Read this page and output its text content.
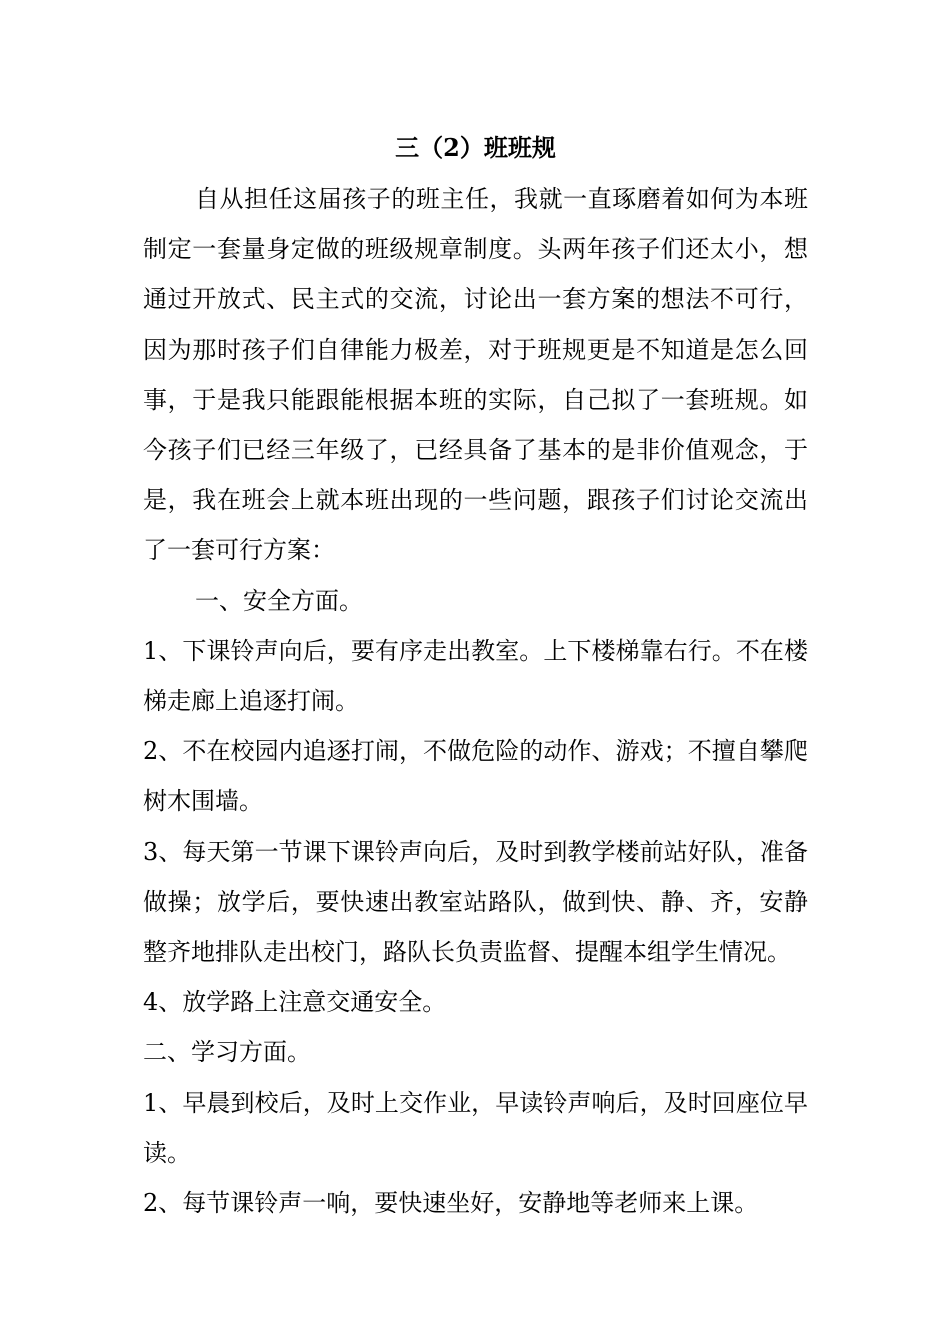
三（2）班班规

自从担任这届孩子的班主任，我就一直琢磨着如何为本班制定一套量身定做的班级规章制度。头两年孩子们还太小，想通过开放式、民主式的交流，讨论出一套方案的想法不可行，因为那时孩子们自律能力极差，对于班规更是不知道是怎么回事，于是我只能跟能根据本班的实际，自己拟了一套班规。如今孩子们已经三年级了，已经具备了基本的是非价值观念，于是，我在班会上就本班出现的一些问题，跟孩子们讨论交流出了一套可行方案：

一、安全方面。

1、下课铃声向后，要有序走出教室。上下楼梯靠右行。不在楼梯走廊上追逐打闹。

2、不在校园内追逐打闹，不做危险的动作、游戏；不擅自攀爬树木围墙。

3、每天第一节课下课铃声向后，及时到教学楼前站好队，准备做操；放学后，要快速出教室站路队，做到快、静、齐，安静整齐地排队走出校门，路队长负责监督、提醒本组学生情况。

4、放学路上注意交通安全。

二、学习方面。

1、早晨到校后，及时上交作业，早读铃声响后，及时回座位早读。

2、每节课铃声一响，要快速坐好，安静地等老师来上课。
